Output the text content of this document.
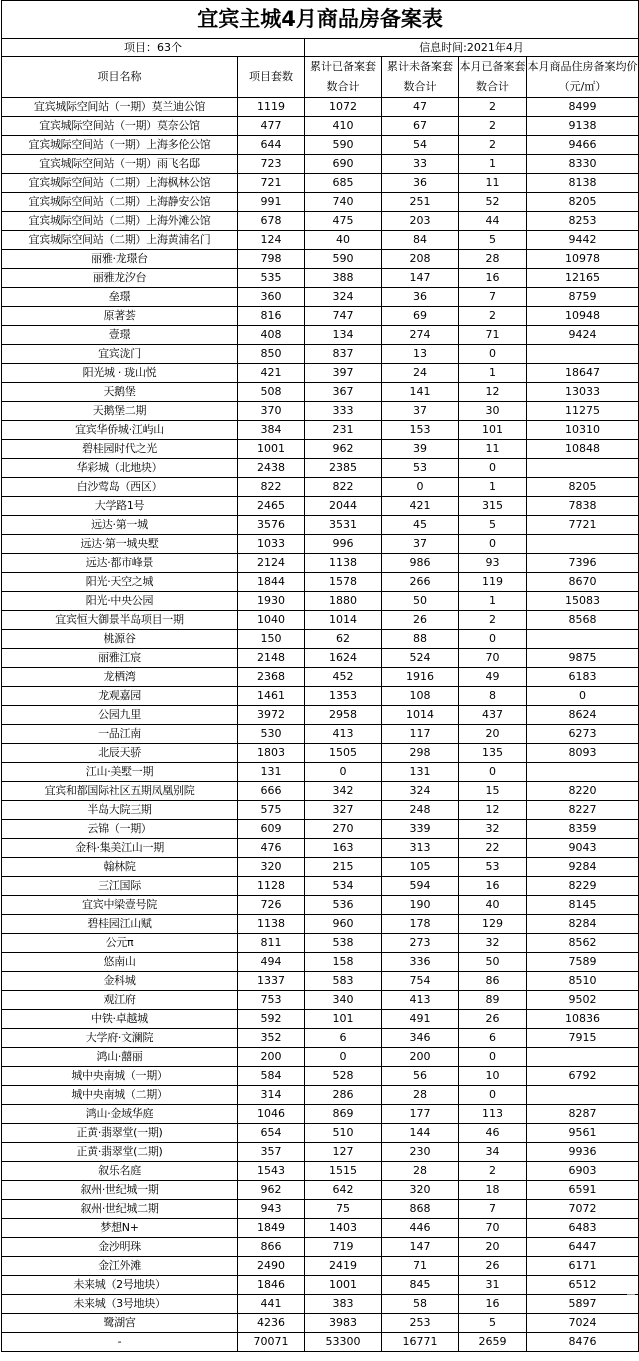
宜宾主城4月商品房备案表					
项目：63个		信息时间:2021年4月			
项目名称	项目套数	累计已备案套数合计	累计未备案套数合计	本月已备案套数合计	本月商品住房备案均价（元/㎡）
宜宾城际空间站（一期）莫兰迪公馆	1119	1072	47	2	8499
宜宾城际空间站（一期）莫奈公馆	477	410	67	2	9138
宜宾城际空间站（一期）上海多伦公馆	644	590	54	2	9466
宜宾城际空间站（一期）雨飞名邸	723	690	33	1	8330
宜宾城际空间站（二期）上海枫林公馆	721	685	36	11	8138
宜宾城际空间站（二期）上海静安公馆	991	740	251	52	8205
宜宾城际空间站（二期）上海外滩公馆	678	475	203	44	8253
宜宾城际空间站（二期）上海黄浦名门	124	40	84	5	9442
丽雅·龙璟台	798	590	208	28	10978
丽雅龙汐台	535	388	147	16	12165
垒璟	360	324	36	7	8759
原著荟	816	747	69	2	10948
壹璟	408	134	274	71	9424
宜宾泷门	850	837	13	0	
阳光城 · 珑山悦	421	397	24	1	18647
天鹅堡	508	367	141	12	13033
天鹅堡二期	370	333	37	30	11275
宜宾华侨城·江屿山	384	231	153	101	10310
碧桂园时代之光	1001	962	39	11	10848
华彩城（北地块）	2438	2385	53	0	
白沙莺岛（西区）	822	822	0	1	8205
大学路1号	2465	2044	421	315	7838
远达·第一城	3576	3531	45	5	7721
远达·第一城央墅	1033	996	37	0	
远达·都市峰景	2124	1138	986	93	7396
阳光·天空之城	1844	1578	266	119	8670
阳光·中央公园	1930	1880	50	1	15083
宜宾恒大御景半岛项目一期	1040	1014	26	2	8568
桃源谷	150	62	88	0	
丽雅江宸	2148	1624	524	70	9875
龙栖湾	2368	452	1916	49	6183
龙观嘉园	1461	1353	108	8	0
公园九里	3972	2958	1014	437	8624
一品江南	530	413	117	20	6273
北辰天骄	1803	1505	298	135	8093
江山·美墅一期	131	0	131	0	
宜宾和都国际社区五期凤凰别院	666	342	324	15	8220
半岛大院三期	575	327	248	12	8227
云锦（一期）	609	270	339	32	8359
金科·集美江山一期	476	163	313	22	9043
翰林院	320	215	105	53	9284
三江国际	1128	534	594	16	8229
宜宾中梁壹号院	726	536	190	40	8145
碧桂园江山赋	1138	960	178	129	8284
公元π	811	538	273	32	8562
悠南山	494	158	336	50	7589
金科城	1337	583	754	86	8510
观江府	753	340	413	89	9502
中铁·卓越城	592	101	491	26	10836
大学府·文澜院	352	6	346	6	7915
鸿山·囍丽	200	0	200	0	
城中央南城（一期）	584	528	56	10	6792
城中央南城（二期）	314	286	28	0	
鸿山·金域华庭	1046	869	177	113	8287
正黄·翡翠堂(一期)	654	510	144	46	9561
正黄·翡翠堂(二期)	357	127	230	34	9936
叙乐名庭	1543	1515	28	2	6903
叙州·世纪城一期	962	642	320	18	6591
叙州·世纪城二期	943	75	868	7	7072
梦想N+	1849	1403	446	70	6483
金沙明珠	866	719	147	20	6447
金江外滩	2490	2419	71	26	6171
未来城（2号地块）	1846	1001	845	31	6512
未来城（3号地块）	441	383	58	16	5897
鹭湖宫	4236	3983	253	5	7024
-	70071	53300	16771	2659	8476
